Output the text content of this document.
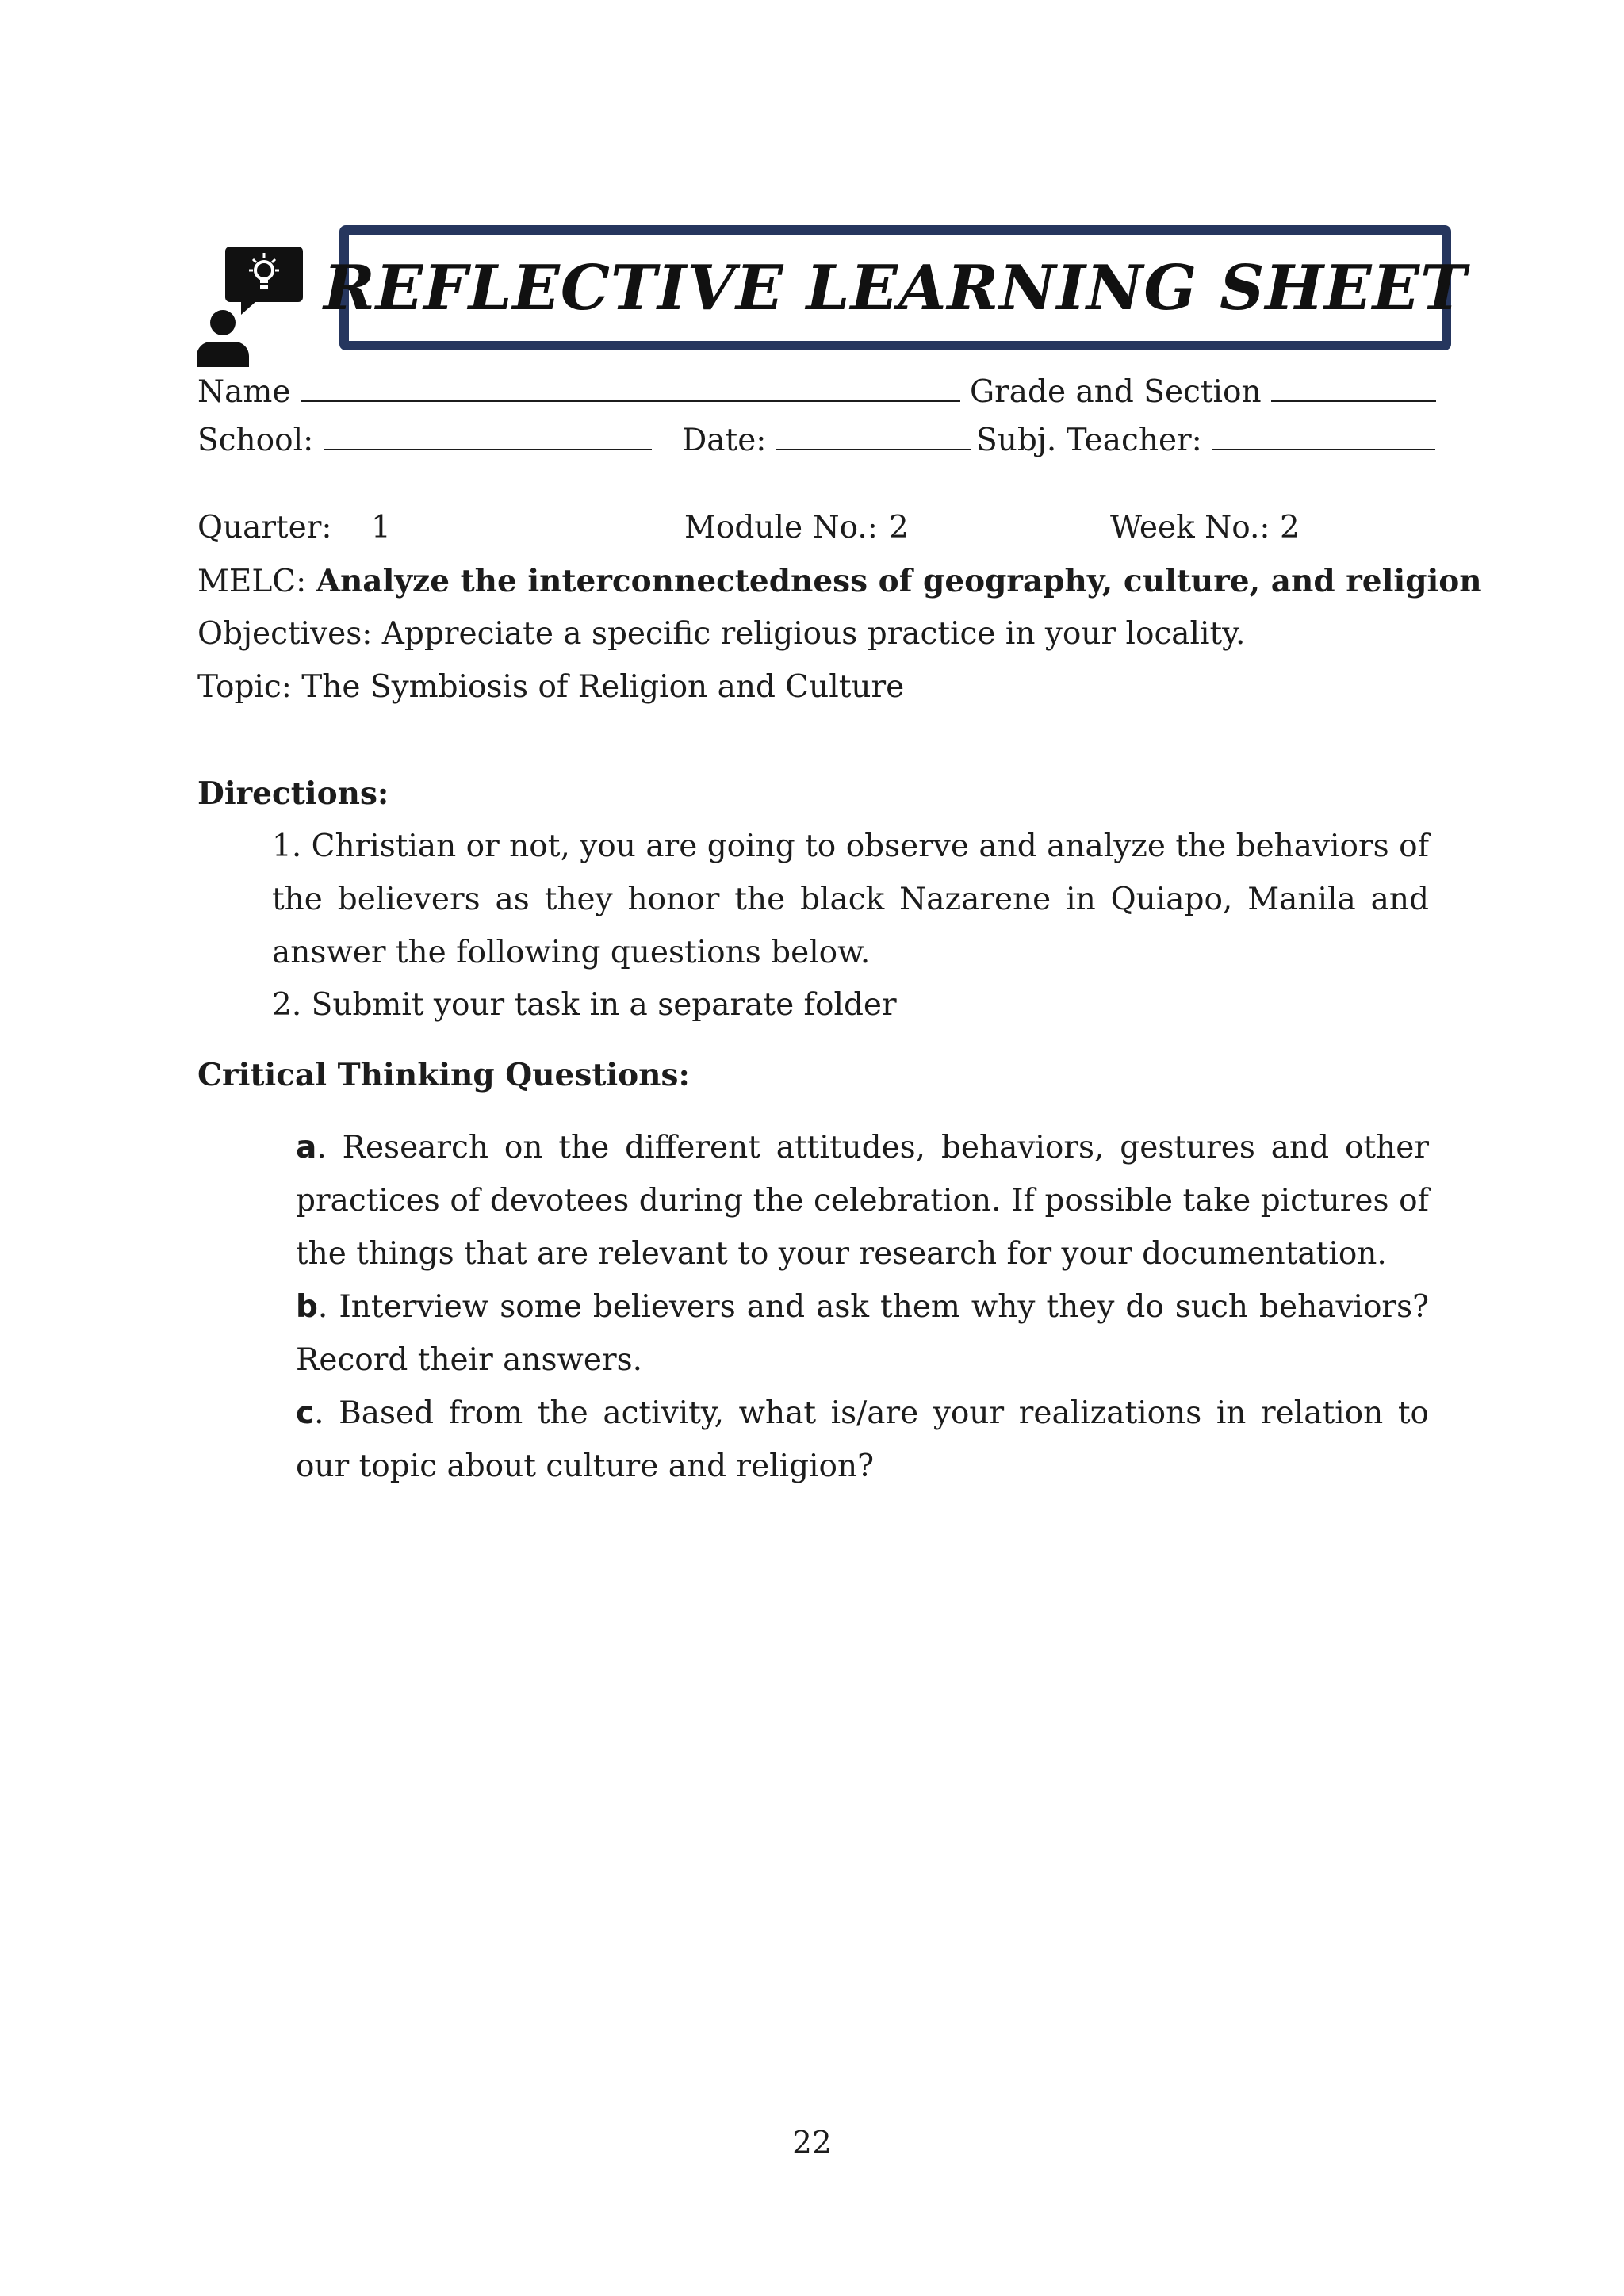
REFLECTIVE LEARNING SHEET
Name	Grade and Section
School:	Date:	Subj. Teacher:
Quarter: 1	Module No.: 2	Week No.: 2
MELC: Analyze the interconnectedness of geography, culture, and religion
Objectives: Appreciate a specific religious practice in your locality.
Topic: The Symbiosis of Religion and Culture
Directions:
1. Christian or not, you are going to observe and analyze the behaviors of the believers as they honor the black Nazarene in Quiapo, Manila and answer the following questions below.
2. Submit your task in a separate folder
Critical Thinking Questions:
a. Research on the different attitudes, behaviors, gestures and other practices of devotees during the celebration. If possible take pictures of the things that are relevant to your research for your documentation.
b. Interview some believers and ask them why they do such behaviors? Record their answers.
c. Based from the activity, what is/are your realizations in relation to our topic about culture and religion?
22
